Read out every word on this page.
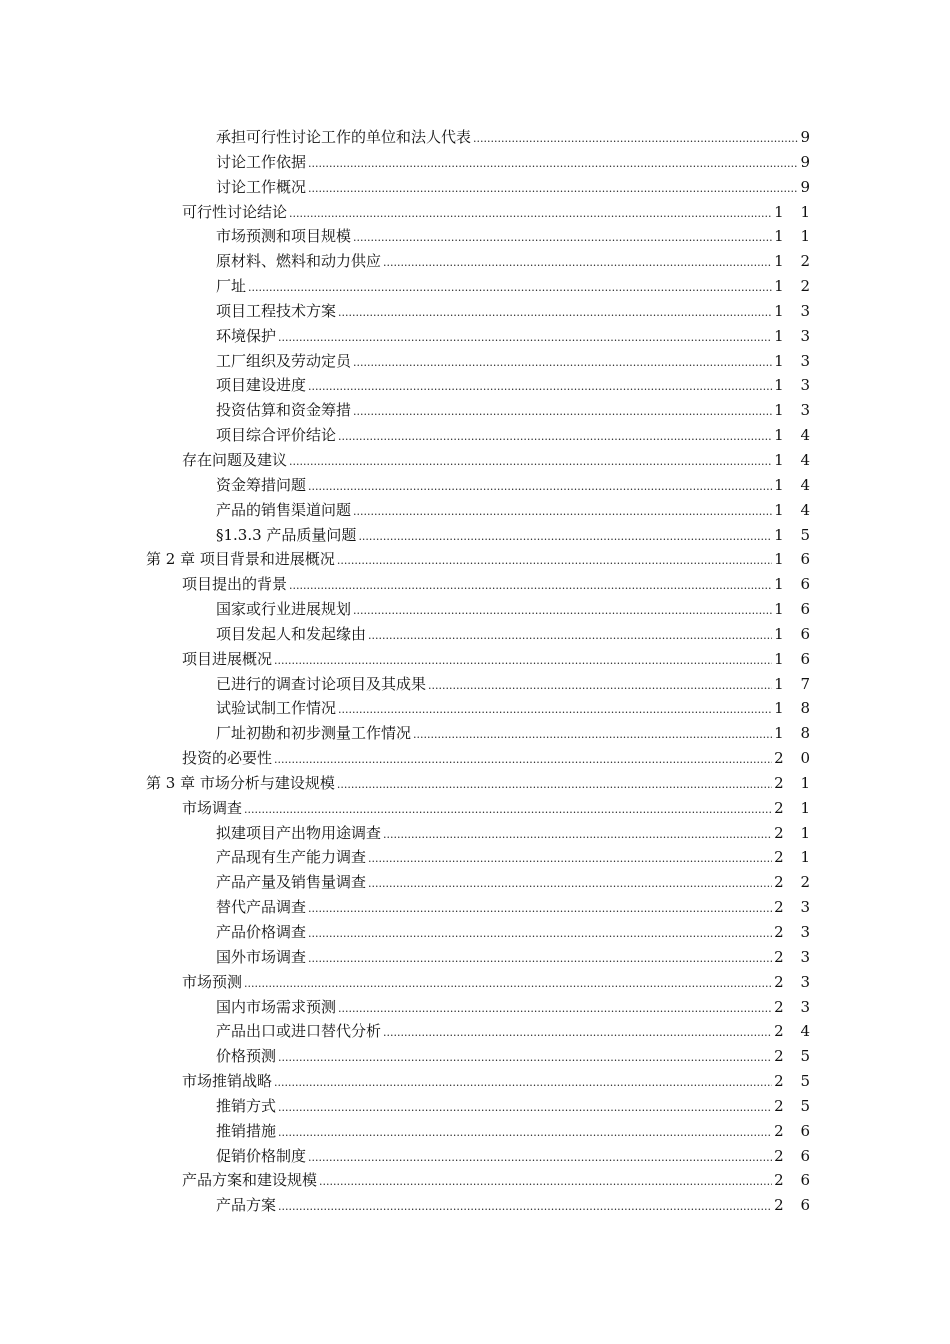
承担可行性讨论工作的单位和法人代表 .....	9
讨论工作依据 .....	9
讨论工作概况 .....	9
可行性讨论结论 .....	1 1
市场预测和项目规模 .....	1 1
原材料、燃料和动力供应 .....	1 2
厂址 .....	1 2
项目工程技术方案 .....	1 3
环境保护 .....	1 3
工厂组织及劳动定员 .....	1 3
项目建设进度 .....	1 3
投资估算和资金筹措 .....	1 3
项目综合评价结论 .....	1 4
存在问题及建议 .....	1 4
资金筹措问题 .....	1 4
产品的销售渠道问题 .....	1 4
§1.3.3 产品质量问题 .....	1 5
第 2 章 项目背景和进展概况 .....	1 6
项目提出的背景 .....	1 6
国家或行业进展规划 .....	1 6
项目发起人和发起缘由 .....	1 6
项目进展概况 .....	1 6
已进行的调查讨论项目及其成果 .....	1 7
试验试制工作情况 .....	1 8
厂址初勘和初步测量工作情况 .....	1 8
投资的必要性 .....	2 0
第 3 章 市场分析与建设规模 .....	2 1
市场调查 .....	2 1
拟建项目产出物用途调查 .....	2 1
产品现有生产能力调查 .....	2 1
产品产量及销售量调查 .....	2 2
替代产品调查 .....	2 3
产品价格调查 .....	2 3
国外市场调查 .....	2 3
市场预测 .....	2 3
国内市场需求预测 .....	2 3
产品出口或进口替代分析 .....	2 4
价格预测 .....	2 5
市场推销战略 .....	2 5
推销方式 .....	2 5
推销措施 .....	2 6
促销价格制度 .....	2 6
产品方案和建设规模 .....	2 6
产品方案 .....	2 6
